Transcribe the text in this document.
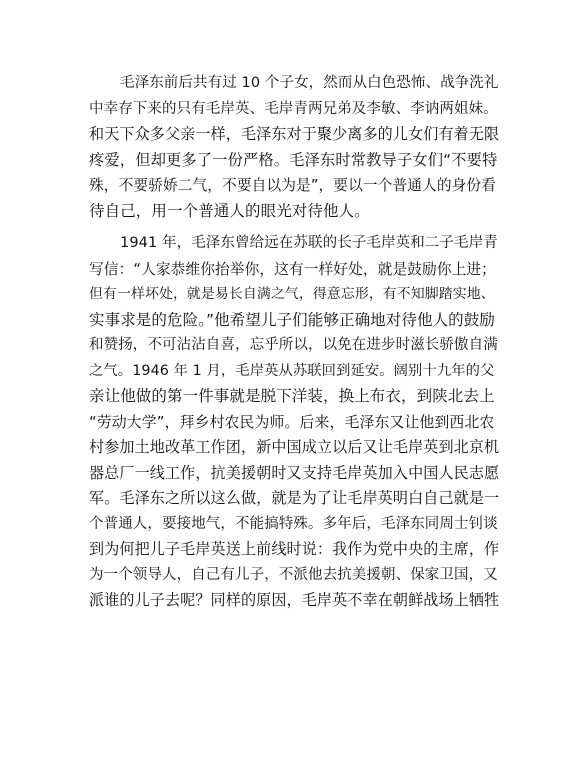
毛泽东前后共有过 10 个子女，然而从白色恐怖、战争洗礼
中幸存下来的只有毛岸英、毛岸青两兄弟及李敏、李讷两姐妹。
和天下众多父亲一样，毛泽东对于聚少离多的儿女们有着无限
疼爱，但却更多了一份严格。毛泽东时常教导子女们“不要特
殊，不要骄娇二气，不要自以为是”，要以一个普通人的身份看
待自己，用一个普通人的眼光对待他人。
1941 年，毛泽东曾给远在苏联的长子毛岸英和二子毛岸青
写信：“人家恭维你抬举你，这有一样好处，就是鼓励你上进；
但有一样坏处，就是易长自满之气，得意忘形，有不知脚踏实地、
实事求是的危险。”他希望儿子们能够正确地对待他人的鼓励
和赞扬，不可沾沾自喜，忘乎所以，以免在进步时滋长骄傲自满
之气。1946 年 1 月，毛岸英从苏联回到延安。阔别十九年的父
亲让他做的第一件事就是脱下洋装，换上布衣，到陕北去上
“劳动大学”，拜乡村农民为师。后来，毛泽东又让他到西北农
村参加土地改革工作团，新中国成立以后又让毛岸英到北京机
器总厂一线工作，抗美援朝时又支持毛岸英加入中国人民志愿
军。毛泽东之所以这么做，就是为了让毛岸英明白自己就是一
个普通人，要接地气，不能搞特殊。多年后，毛泽东同周士钊谈
到为何把儿子毛岸英送上前线时说：我作为党中央的主席，作
为一个领导人，自己有儿子，不派他去抗美援朝、保家卫国，又
派谁的儿子去呢？同样的原因，毛岸英不幸在朝鲜战场上牺牲
